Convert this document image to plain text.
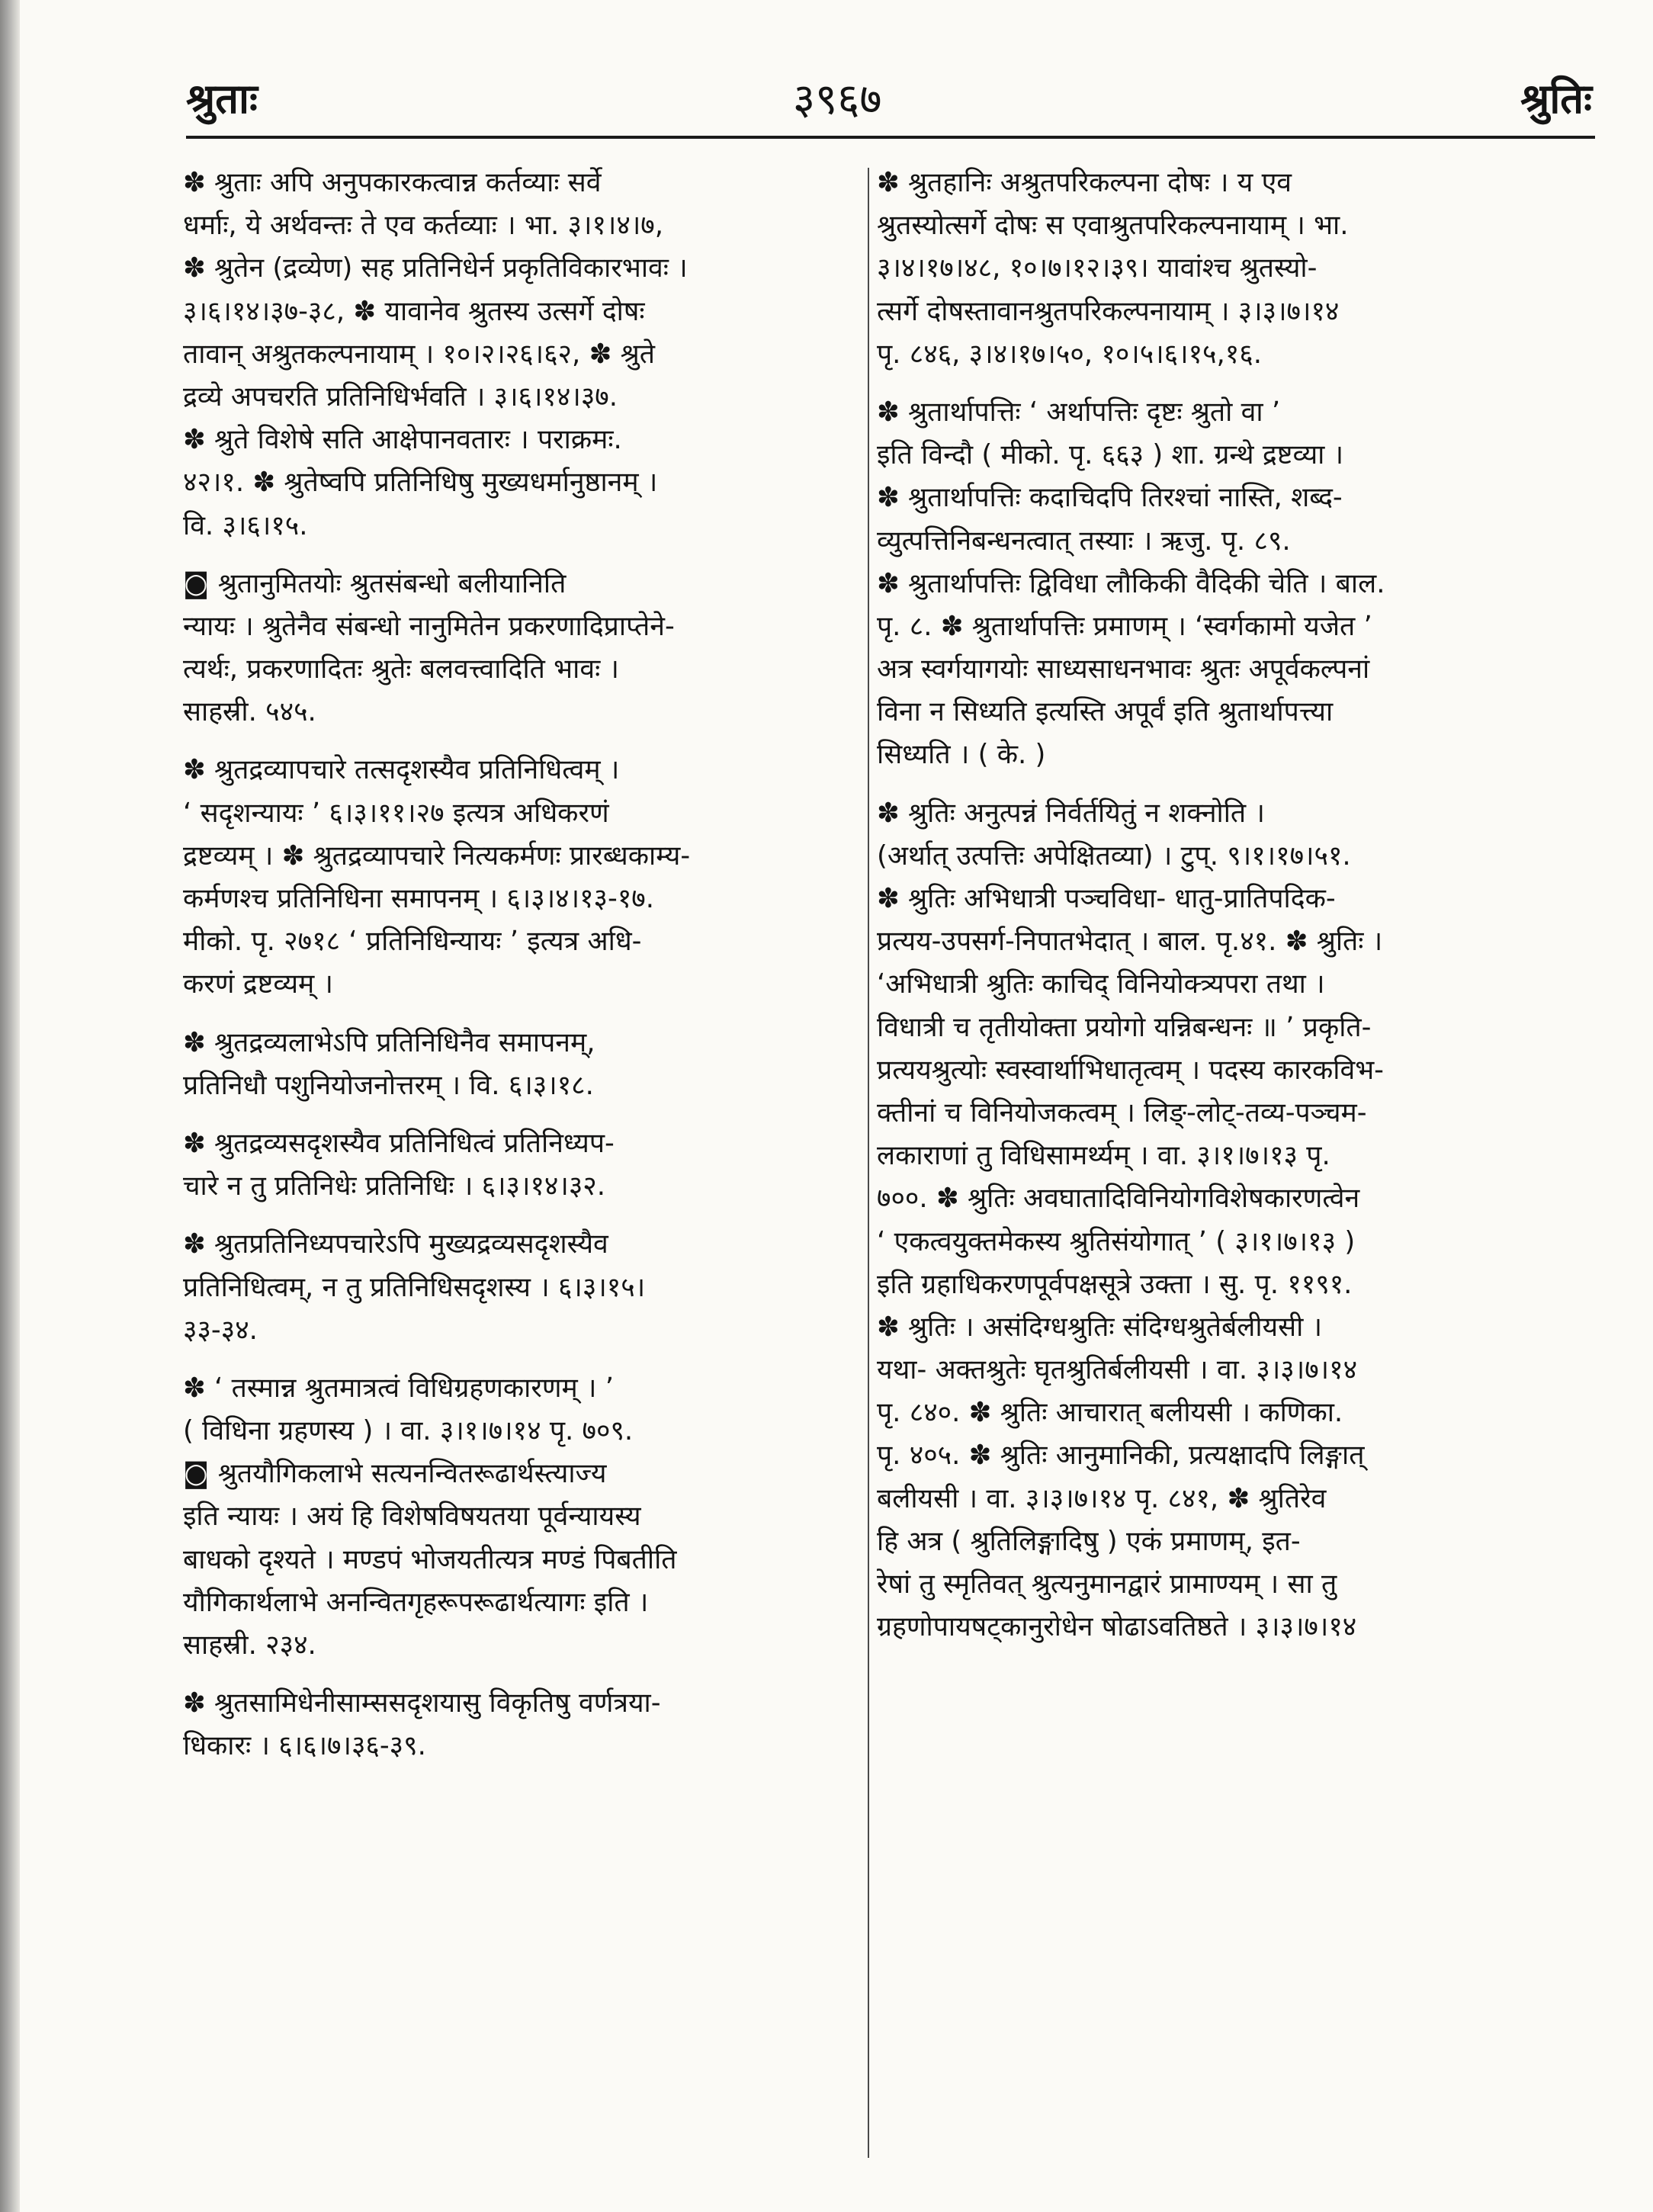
श्रुताः	३९६७	श्रुतिः
✽ श्रुताः अपि अनुपकारकत्वान्न कर्तव्याः सर्वे
धर्माः, ये अर्थवन्तः ते एव कर्तव्याः । भा. ३।१।४।७,
✽ श्रुतेन (द्रव्येण) सह प्रतिनिधेर्न प्रकृतिविकारभावः ।
३।६।१४।३७-३८, ✽ यावानेव श्रुतस्य उत्सर्गे दोषः
तावान् अश्रुतकल्पनायाम् । १०।२।२६।६२, ✽ श्रुते
द्रव्ये अपचरति प्रतिनिधिर्भवति । ३।६।१४।३७.
✽ श्रुते विशेषे सति आक्षेपानवतारः । पराक्रमः.
४२।१. ✽ श्रुतेष्वपि प्रतिनिधिषु मुख्यधर्मानुष्ठानम् ।
वि. ३।६।१५.
◙ श्रुतानुमितयोः श्रुतसंबन्धो बलीयानिति
न्यायः । श्रुतेनैव संबन्धो नानुमितेन प्रकरणादिप्राप्तेने-
त्यर्थः, प्रकरणादितः श्रुतेः बलवत्त्वादिति भावः ।
साहस्री. ५४५.
✽ श्रुतद्रव्यापचारे तत्सदृशस्यैव प्रतिनिधित्वम् ।
‘ सदृशन्यायः ’ ६।३।११।२७ इत्यत्र अधिकरणं
द्रष्टव्यम् । ✽ श्रुतद्रव्यापचारे नित्यकर्मणः प्रारब्धकाम्य-
कर्मणश्च प्रतिनिधिना समापनम् । ६।३।४।१३-१७.
मीको. पृ. २७१८ ‘ प्रतिनिधिन्यायः ’ इत्यत्र अधि-
करणं द्रष्टव्यम् ।
✽ श्रुतद्रव्यलाभेऽपि प्रतिनिधिनैव समापनम्,
प्रतिनिधौ पशुनियोजनोत्तरम् । वि. ६।३।१८.
✽ श्रुतद्रव्यसदृशस्यैव प्रतिनिधित्वं प्रतिनिध्यप-
चारे न तु प्रतिनिधेः प्रतिनिधिः । ६।३।१४।३२.
✽ श्रुतप्रतिनिध्यपचारेऽपि मुख्यद्रव्यसदृशस्यैव
प्रतिनिधित्वम्, न तु प्रतिनिधिसदृशस्य । ६।३।१५।
३३-३४.
✽ ‘ तस्मान्न श्रुतमात्रत्वं विधिग्रहणकारणम् । ’
( विधिना ग्रहणस्य ) । वा. ३।१।७।१४ पृ. ७०९.
◙ श्रुतयौगिकलाभे सत्यनन्वितरूढार्थस्त्याज्य
इति न्यायः । अयं हि विशेषविषयतया पूर्वन्यायस्य
बाधको दृश्यते । मण्डपं भोजयतीत्यत्र मण्डं पिबतीति
यौगिकार्थलाभे अनन्वितगृहरूपरूढार्थत्यागः इति ।
साहस्री. २३४.
✽ श्रुतसामिधेनीसाम्ससदृशयासु विकृतिषु वर्णत्रया-
धिकारः । ६।६।७।३६-३९.
✽ श्रुतहानिः अश्रुतपरिकल्पना दोषः । य एव
श्रुतस्योत्सर्गे दोषः स एवाश्रुतपरिकल्पनायाम् । भा.
३।४।१७।४८, १०।७।१२।३९। यावांश्च श्रुतस्यो-
त्सर्गे दोषस्तावानश्रुतपरिकल्पनायाम् । ३।३।७।१४
पृ. ८४६, ३।४।१७।५०, १०।५।६।१५,१६.
✽ श्रुतार्थापत्तिः ‘ अर्थापत्तिः दृष्टः श्रुतो वा ’
इति विन्दौ ( मीको. पृ. ६६३ ) शा. ग्रन्थे द्रष्टव्या ।
✽ श्रुतार्थापत्तिः कदाचिदपि तिरश्चां नास्ति, शब्द-
व्युत्पत्तिनिबन्धनत्वात् तस्याः । ऋजु. पृ. ८९.
✽ श्रुतार्थापत्तिः द्विविधा लौकिकी वैदिकी चेति । बाल.
पृ. ८. ✽ श्रुतार्थापत्तिः प्रमाणम् । ‘स्वर्गकामो यजेत ’
अत्र स्वर्गयागयोः साध्यसाधनभावः श्रुतः अपूर्वकल्पनां
विना न सिध्यति इत्यस्ति अपूर्वं इति श्रुतार्थापत्त्या
सिध्यति । ( के. )
✽ श्रुतिः अनुत्पन्नं निर्वर्तयितुं न शक्नोति ।
(अर्थात् उत्पत्तिः अपेक्षितव्या) । टुप्. ९।१।१७।५१.
✽ श्रुतिः अभिधात्री पञ्चविधा- धातु-प्रातिपदिक-
प्रत्यय-उपसर्ग-निपातभेदात् । बाल. पृ.४१. ✽ श्रुतिः ।
‘अभिधात्री श्रुतिः काचिद् विनियोक्त्र्यपरा तथा ।
विधात्री च तृतीयोक्ता प्रयोगो यन्निबन्धनः ॥ ’ प्रकृति-
प्रत्ययश्रुत्योः स्वस्वार्थाभिधातृत्वम् । पदस्य कारकविभ-
क्तीनां च विनियोजकत्वम् । लिङ्-लोट्-तव्य-पञ्चम-
लकाराणां तु विधिसामर्थ्यम् । वा. ३।१।७।१३ पृ.
७००. ✽ श्रुतिः अवघातादिविनियोगविशेषकारणत्वेन
‘ एकत्वयुक्तमेकस्य श्रुतिसंयोगात् ’ ( ३।१।७।१३ )
इति ग्रहाधिकरणपूर्वपक्षसूत्रे उक्ता । सु. पृ. ११९१.
✽ श्रुतिः । असंदिग्धश्रुतिः संदिग्धश्रुतेर्बलीयसी ।
यथा- अक्तश्रुतेः घृतश्रुतिर्बलीयसी । वा. ३।३।७।१४
पृ. ८४०. ✽ श्रुतिः आचारात् बलीयसी । कणिका.
पृ. ४०५. ✽ श्रुतिः आनुमानिकी, प्रत्यक्षादपि लिङ्गात्
बलीयसी । वा. ३।३।७।१४ पृ. ८४१, ✽ श्रुतिरेव
हि अत्र ( श्रुतिलिङ्गादिषु ) एकं प्रमाणम्, इत-
रेषां तु स्मृतिवत् श्रुत्यनुमानद्वारं प्रामाण्यम् । सा तु
ग्रहणोपायषट्कानुरोधेन षोढाऽवतिष्ठते । ३।३।७।१४
